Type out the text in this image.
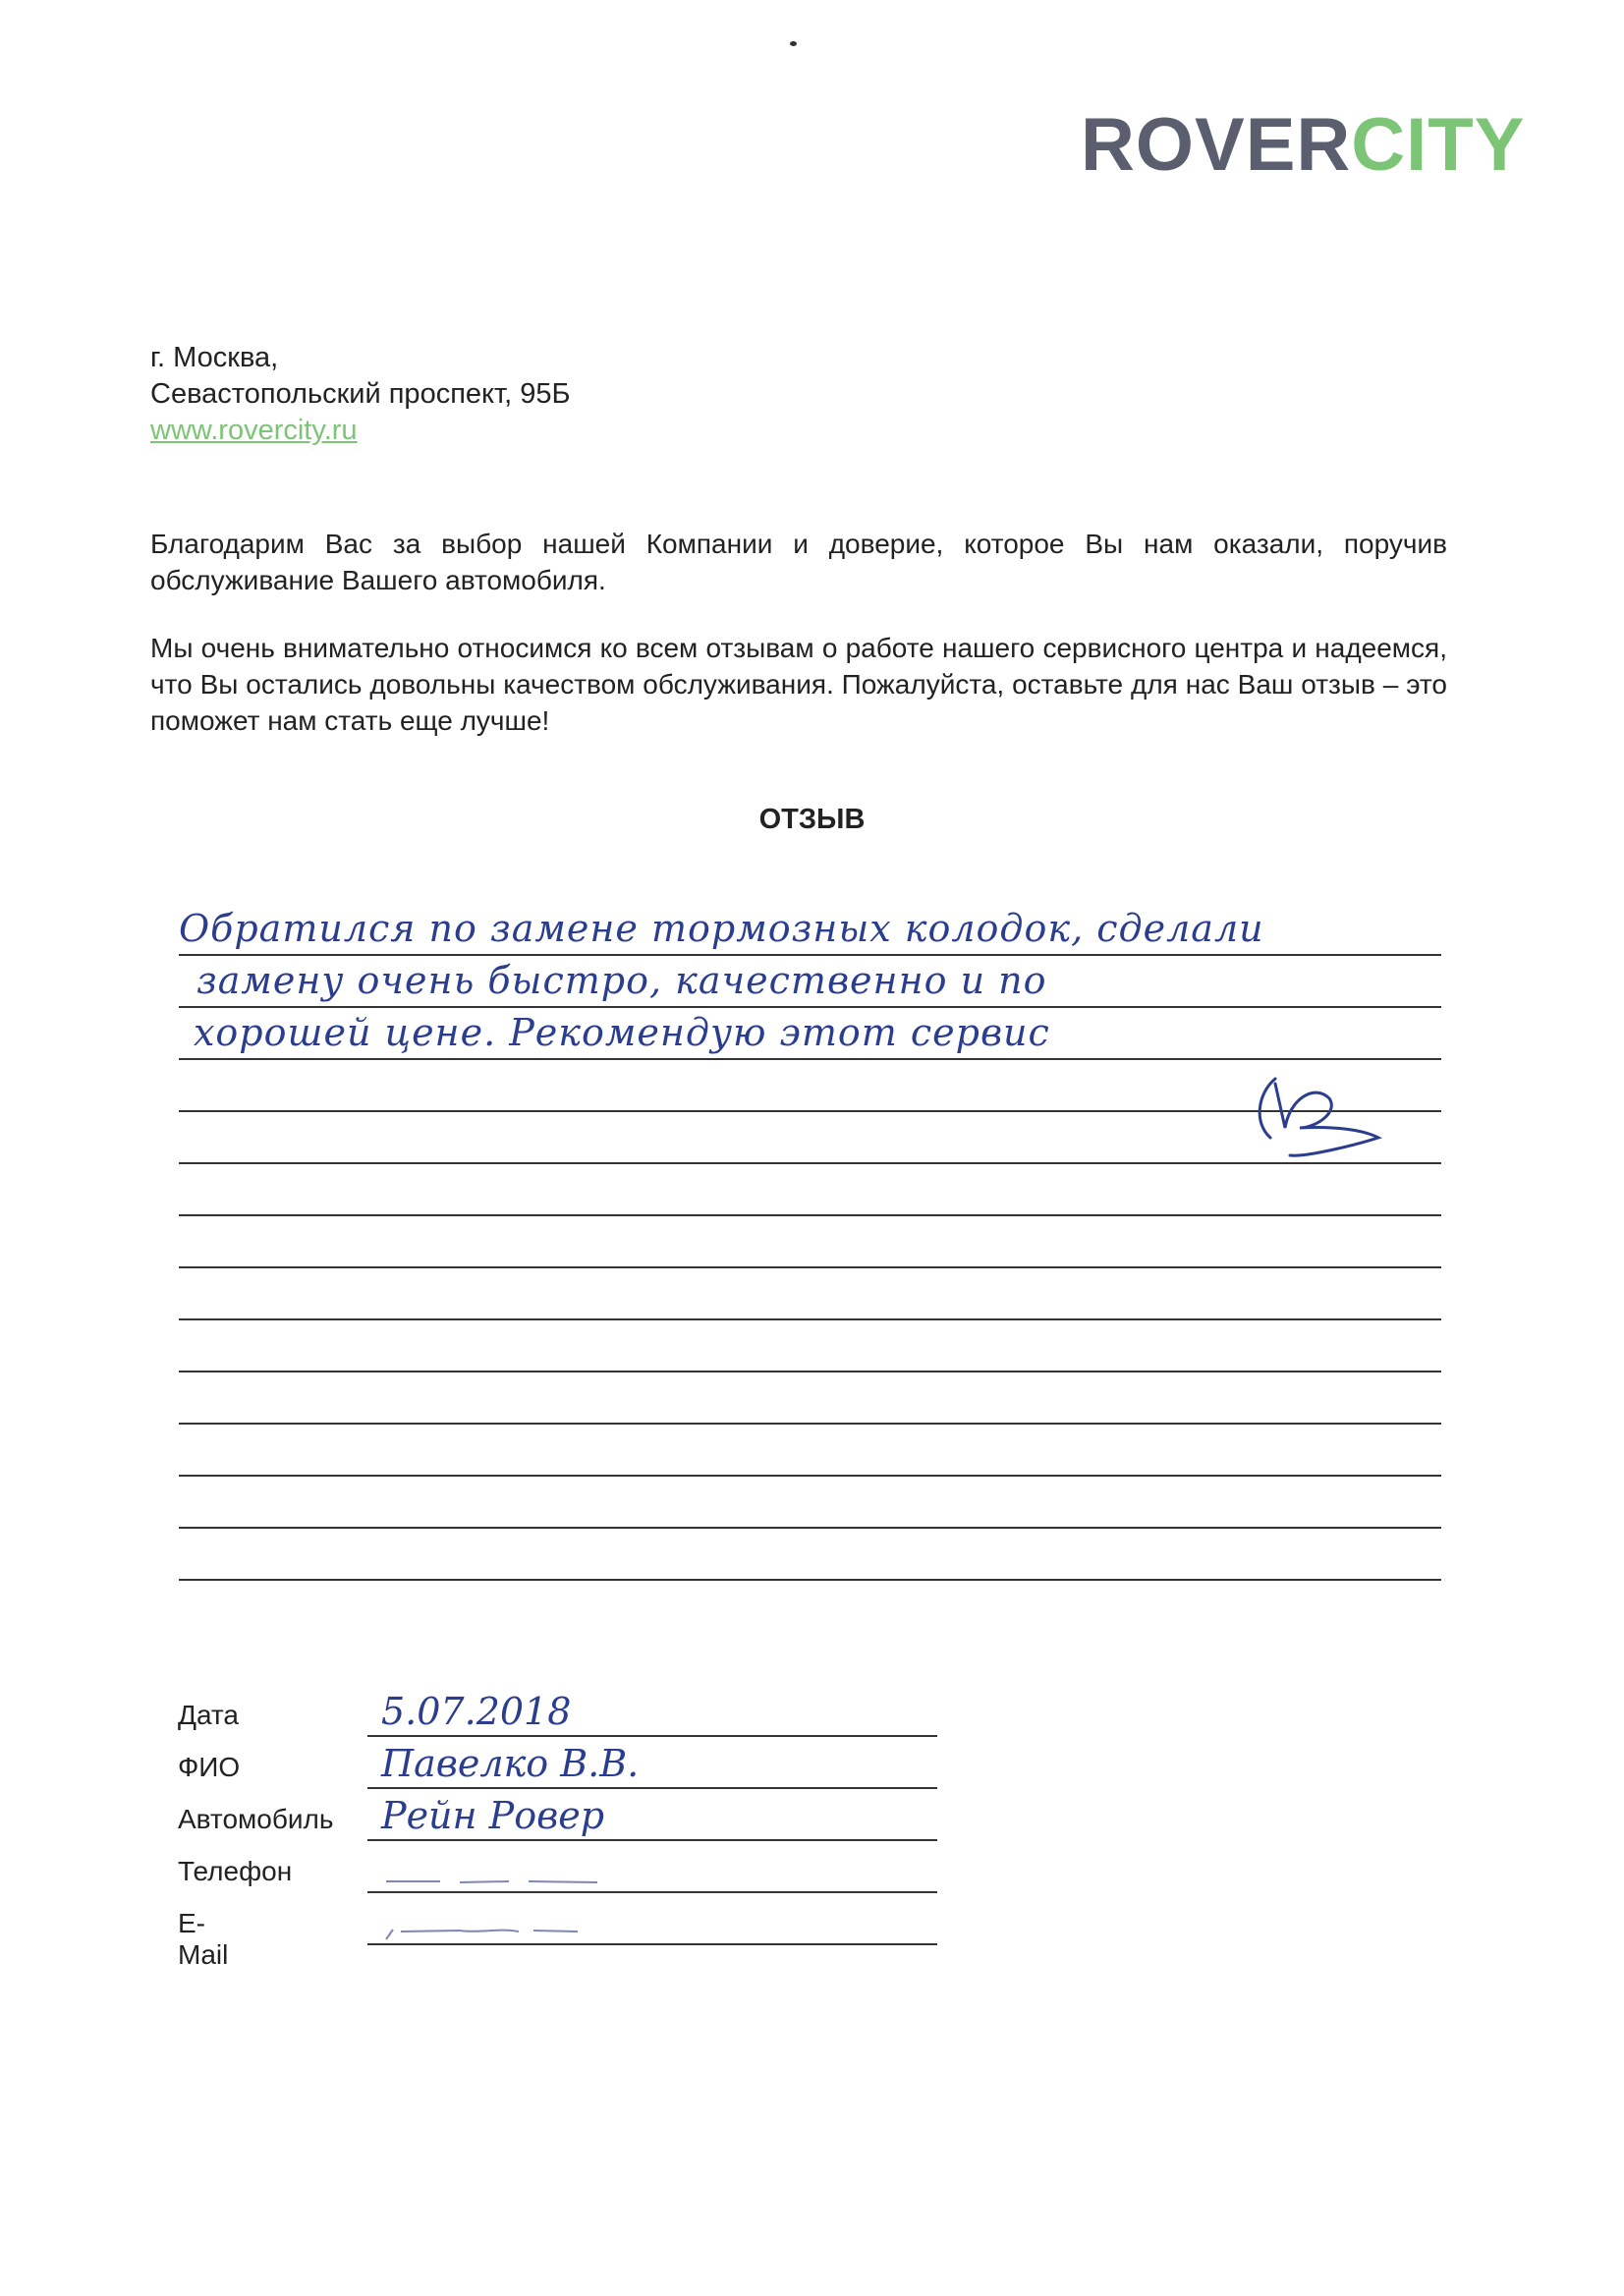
ROVERCITY
г. Москва,
Севастопольский проспект, 95Б
www.rovercity.ru
Благодарим Вас за выбор нашей Компании и доверие, которое Вы нам оказали, поручив обслуживание Вашего автомобиля.
Мы очень внимательно относимся ко всем отзывам о работе нашего сервисного центра и надеемся, что Вы остались довольны качеством обслуживания. Пожалуйста, оставьте для нас Ваш отзыв – это поможет нам стать еще лучше!
ОТЗЫВ
Обратился по замене тормозных колодок, сделали
замену очень быстро, качественно и по
хорошей цене. Рекомендую этот сервис
Дата	5.07.2018
ФИО	Павелко В.В.
Автомобиль Рейн Ровер
Телефон
E-Mail
